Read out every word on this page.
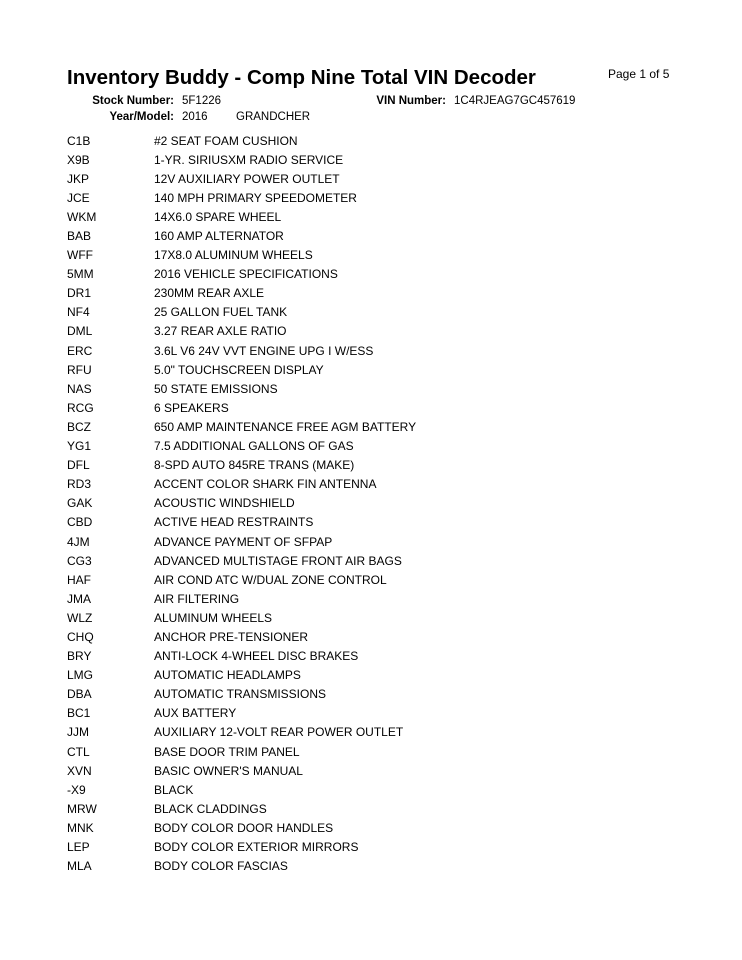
Page 1 of 5
Inventory Buddy - Comp Nine Total VIN Decoder
Stock Number: 5F1226	VIN Number: 1C4RJEAG7GC457619
Year/Model: 2016 GRANDCHER
C1B	#2 SEAT FOAM CUSHION
X9B	1-YR. SIRIUSXM RADIO SERVICE
JKP	12V AUXILIARY POWER OUTLET
JCE	140 MPH PRIMARY SPEEDOMETER
WKM	14X6.0 SPARE WHEEL
BAB	160 AMP ALTERNATOR
WFF	17X8.0 ALUMINUM WHEELS
5MM	2016 VEHICLE SPECIFICATIONS
DR1	230MM REAR AXLE
NF4	25 GALLON FUEL TANK
DML	3.27 REAR AXLE RATIO
ERC	3.6L V6 24V VVT ENGINE UPG I W/ESS
RFU	5.0" TOUCHSCREEN DISPLAY
NAS	50 STATE EMISSIONS
RCG	6 SPEAKERS
BCZ	650 AMP MAINTENANCE FREE AGM BATTERY
YG1	7.5 ADDITIONAL GALLONS OF GAS
DFL	8-SPD AUTO 845RE TRANS (MAKE)
RD3	ACCENT COLOR SHARK FIN ANTENNA
GAK	ACOUSTIC WINDSHIELD
CBD	ACTIVE HEAD RESTRAINTS
4JM	ADVANCE PAYMENT OF SFPAP
CG3	ADVANCED MULTISTAGE FRONT AIR BAGS
HAF	AIR COND ATC W/DUAL ZONE CONTROL
JMA	AIR FILTERING
WLZ	ALUMINUM WHEELS
CHQ	ANCHOR PRE-TENSIONER
BRY	ANTI-LOCK 4-WHEEL DISC BRAKES
LMG	AUTOMATIC HEADLAMPS
DBA	AUTOMATIC TRANSMISSIONS
BC1	AUX BATTERY
JJM	AUXILIARY 12-VOLT REAR POWER OUTLET
CTL	BASE DOOR TRIM PANEL
XVN	BASIC OWNER'S MANUAL
-X9	BLACK
MRW	BLACK CLADDINGS
MNK	BODY COLOR DOOR HANDLES
LEP	BODY COLOR EXTERIOR MIRRORS
MLA	BODY COLOR FASCIAS
